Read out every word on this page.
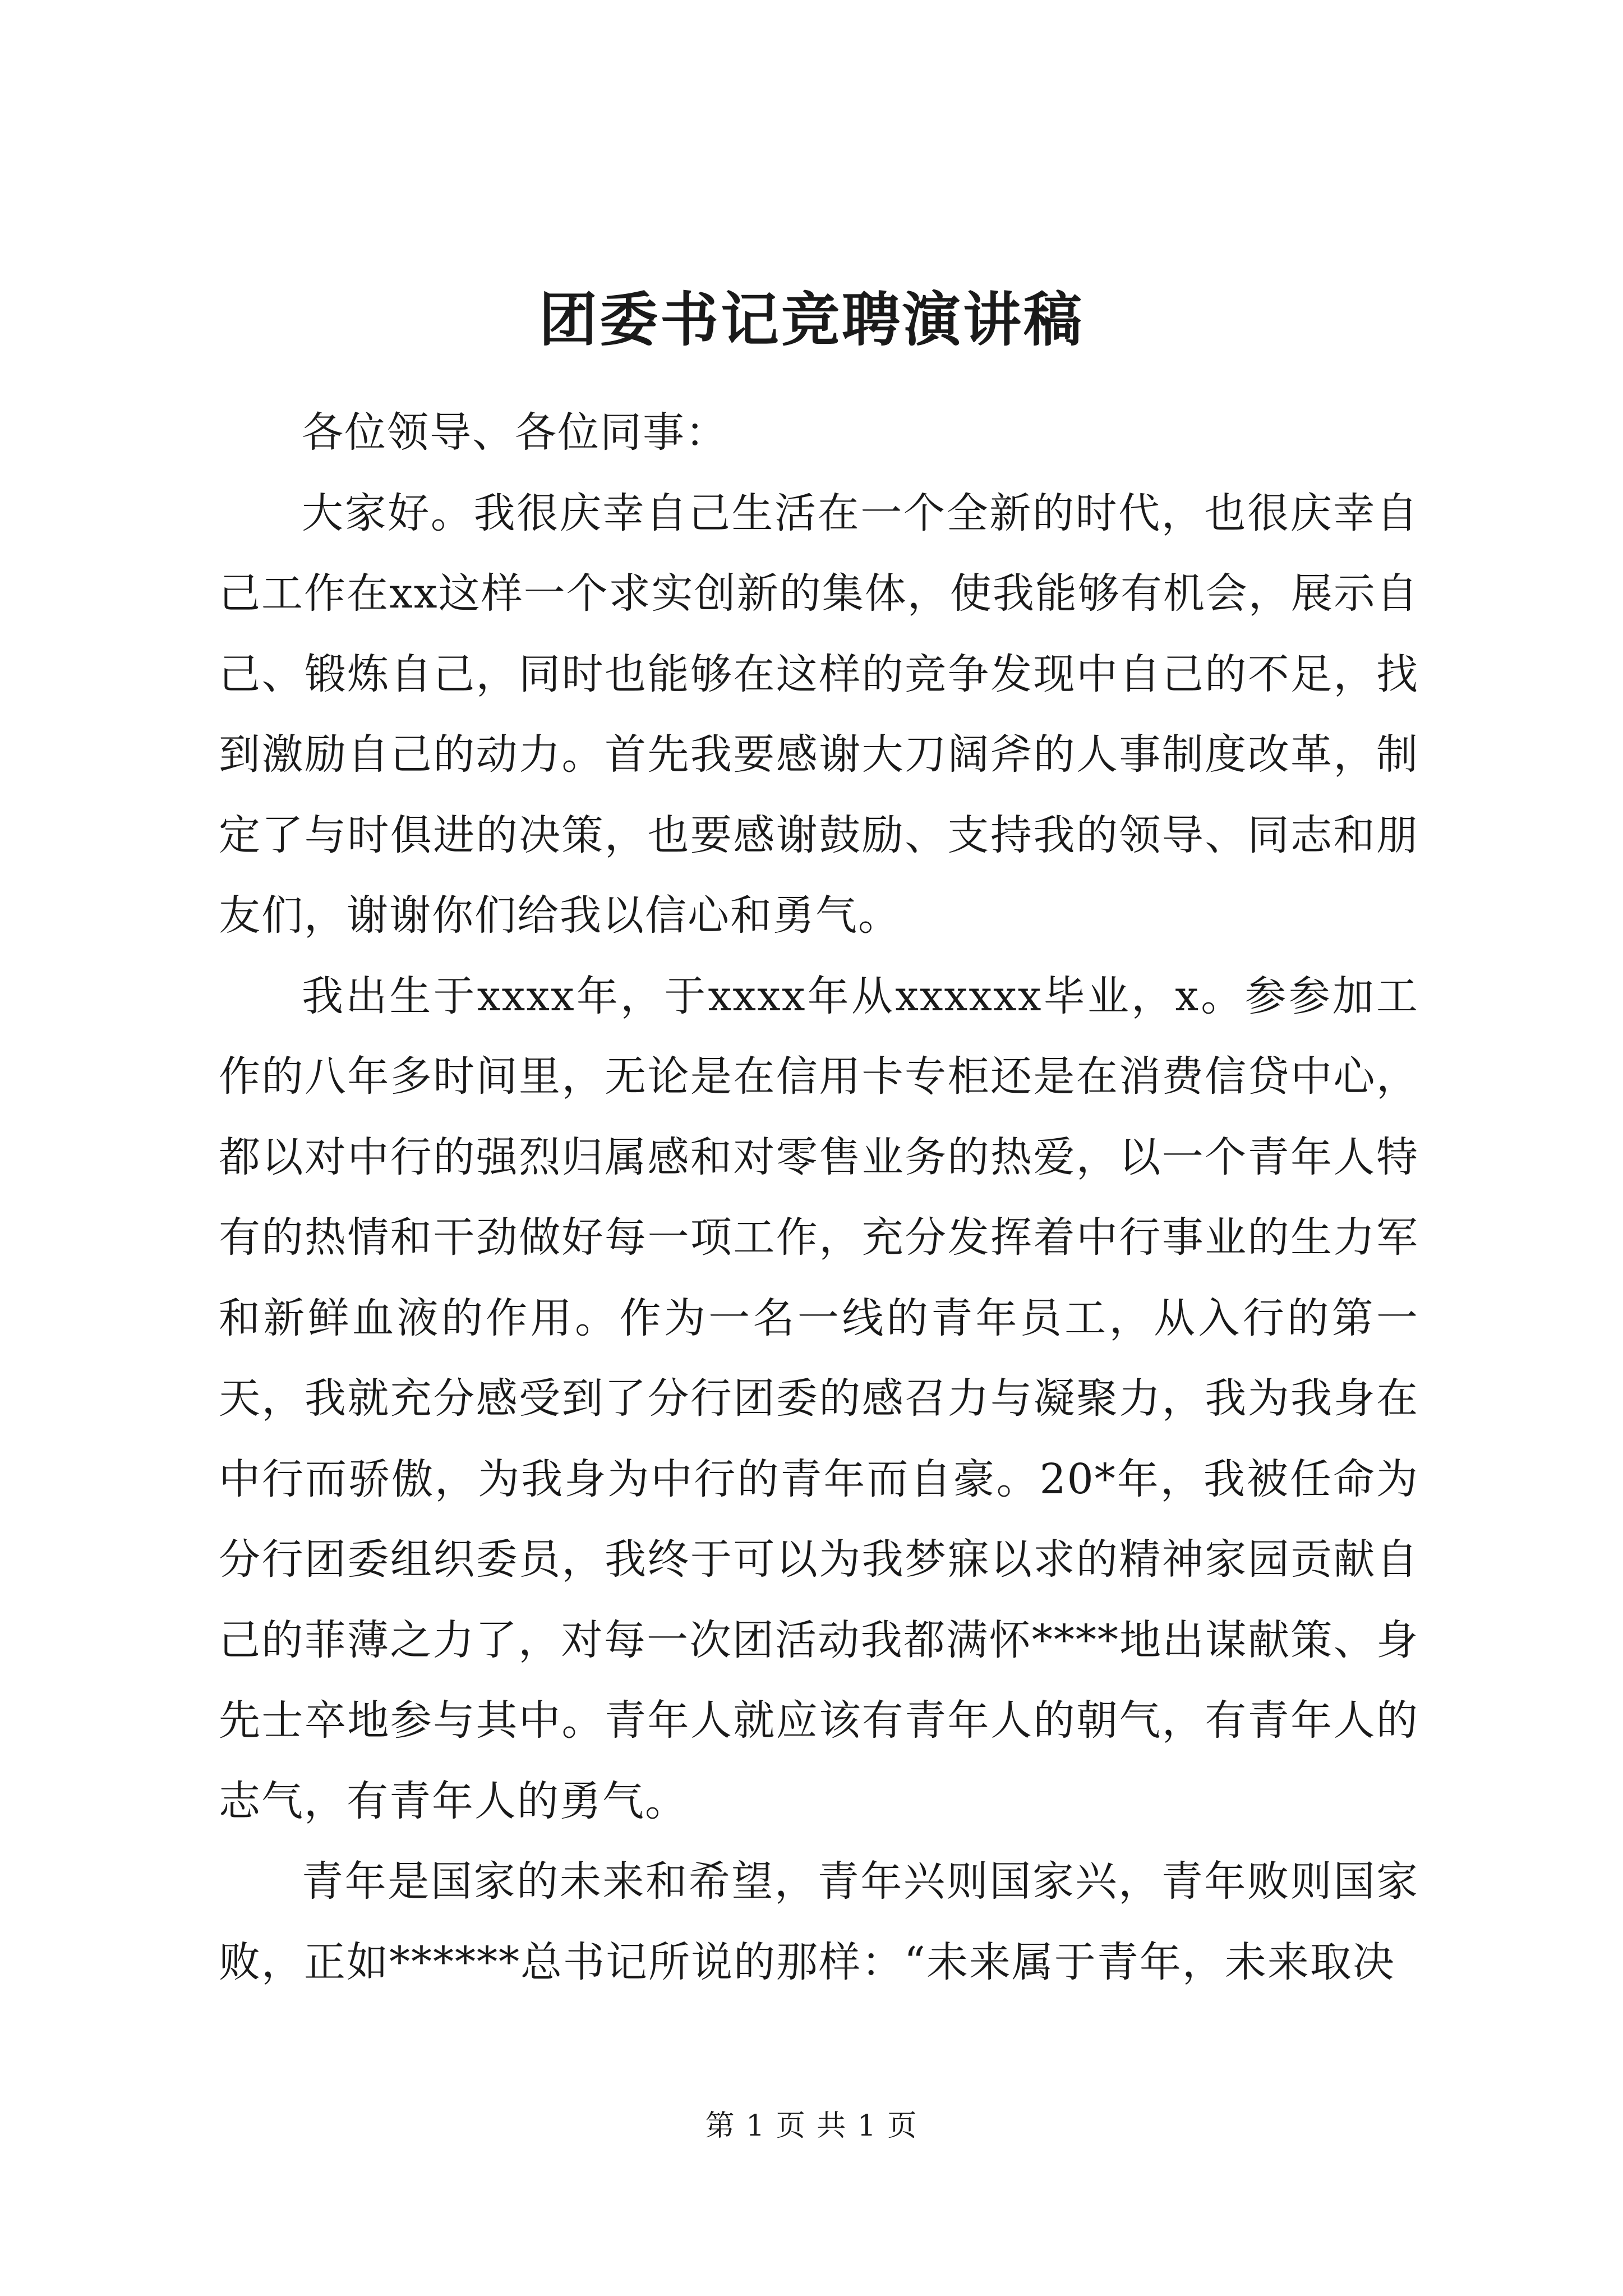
团委书记竞聘演讲稿

各位领导、各位同事：

大家好。我很庆幸自己生活在一个全新的时代，也很庆幸自己工作在xx这样一个求实创新的集体，使我能够有机会，展示自己、锻炼自己，同时也能够在这样的竞争发现中自己的不足，找到激励自己的动力。首先我要感谢大刀阔斧的人事制度改革，制定了与时俱进的决策，也要感谢鼓励、支持我的领导、同志和朋友们，谢谢你们给我以信心和勇气。

我出生于xxxx年，于xxxx年从xxxxxx毕业，x。参参加工作的八年多时间里，无论是在信用卡专柜还是在消费信贷中心，都以对中行的强烈归属感和对零售业务的热爱，以一个青年人特有的热情和干劲做好每一项工作，充分发挥着中行事业的生力军和新鲜血液的作用。作为一名一线的青年员工，从入行的第一天，我就充分感受到了分行团委的感召力与凝聚力，我为我身在中行而骄傲，为我身为中行的青年而自豪。20*年，我被任命为分行团委组织委员，我终于可以为我梦寐以求的精神家园贡献自己的菲薄之力了，对每一次团活动我都满怀****地出谋献策、身先士卒地参与其中。青年人就应该有青年人的朝气，有青年人的志气，有青年人的勇气。

青年是国家的未来和希望，青年兴则国家兴，青年败则国家败，正如******总书记所说的那样：“未来属于青年，未来取决

第 1 页 共 1 页
